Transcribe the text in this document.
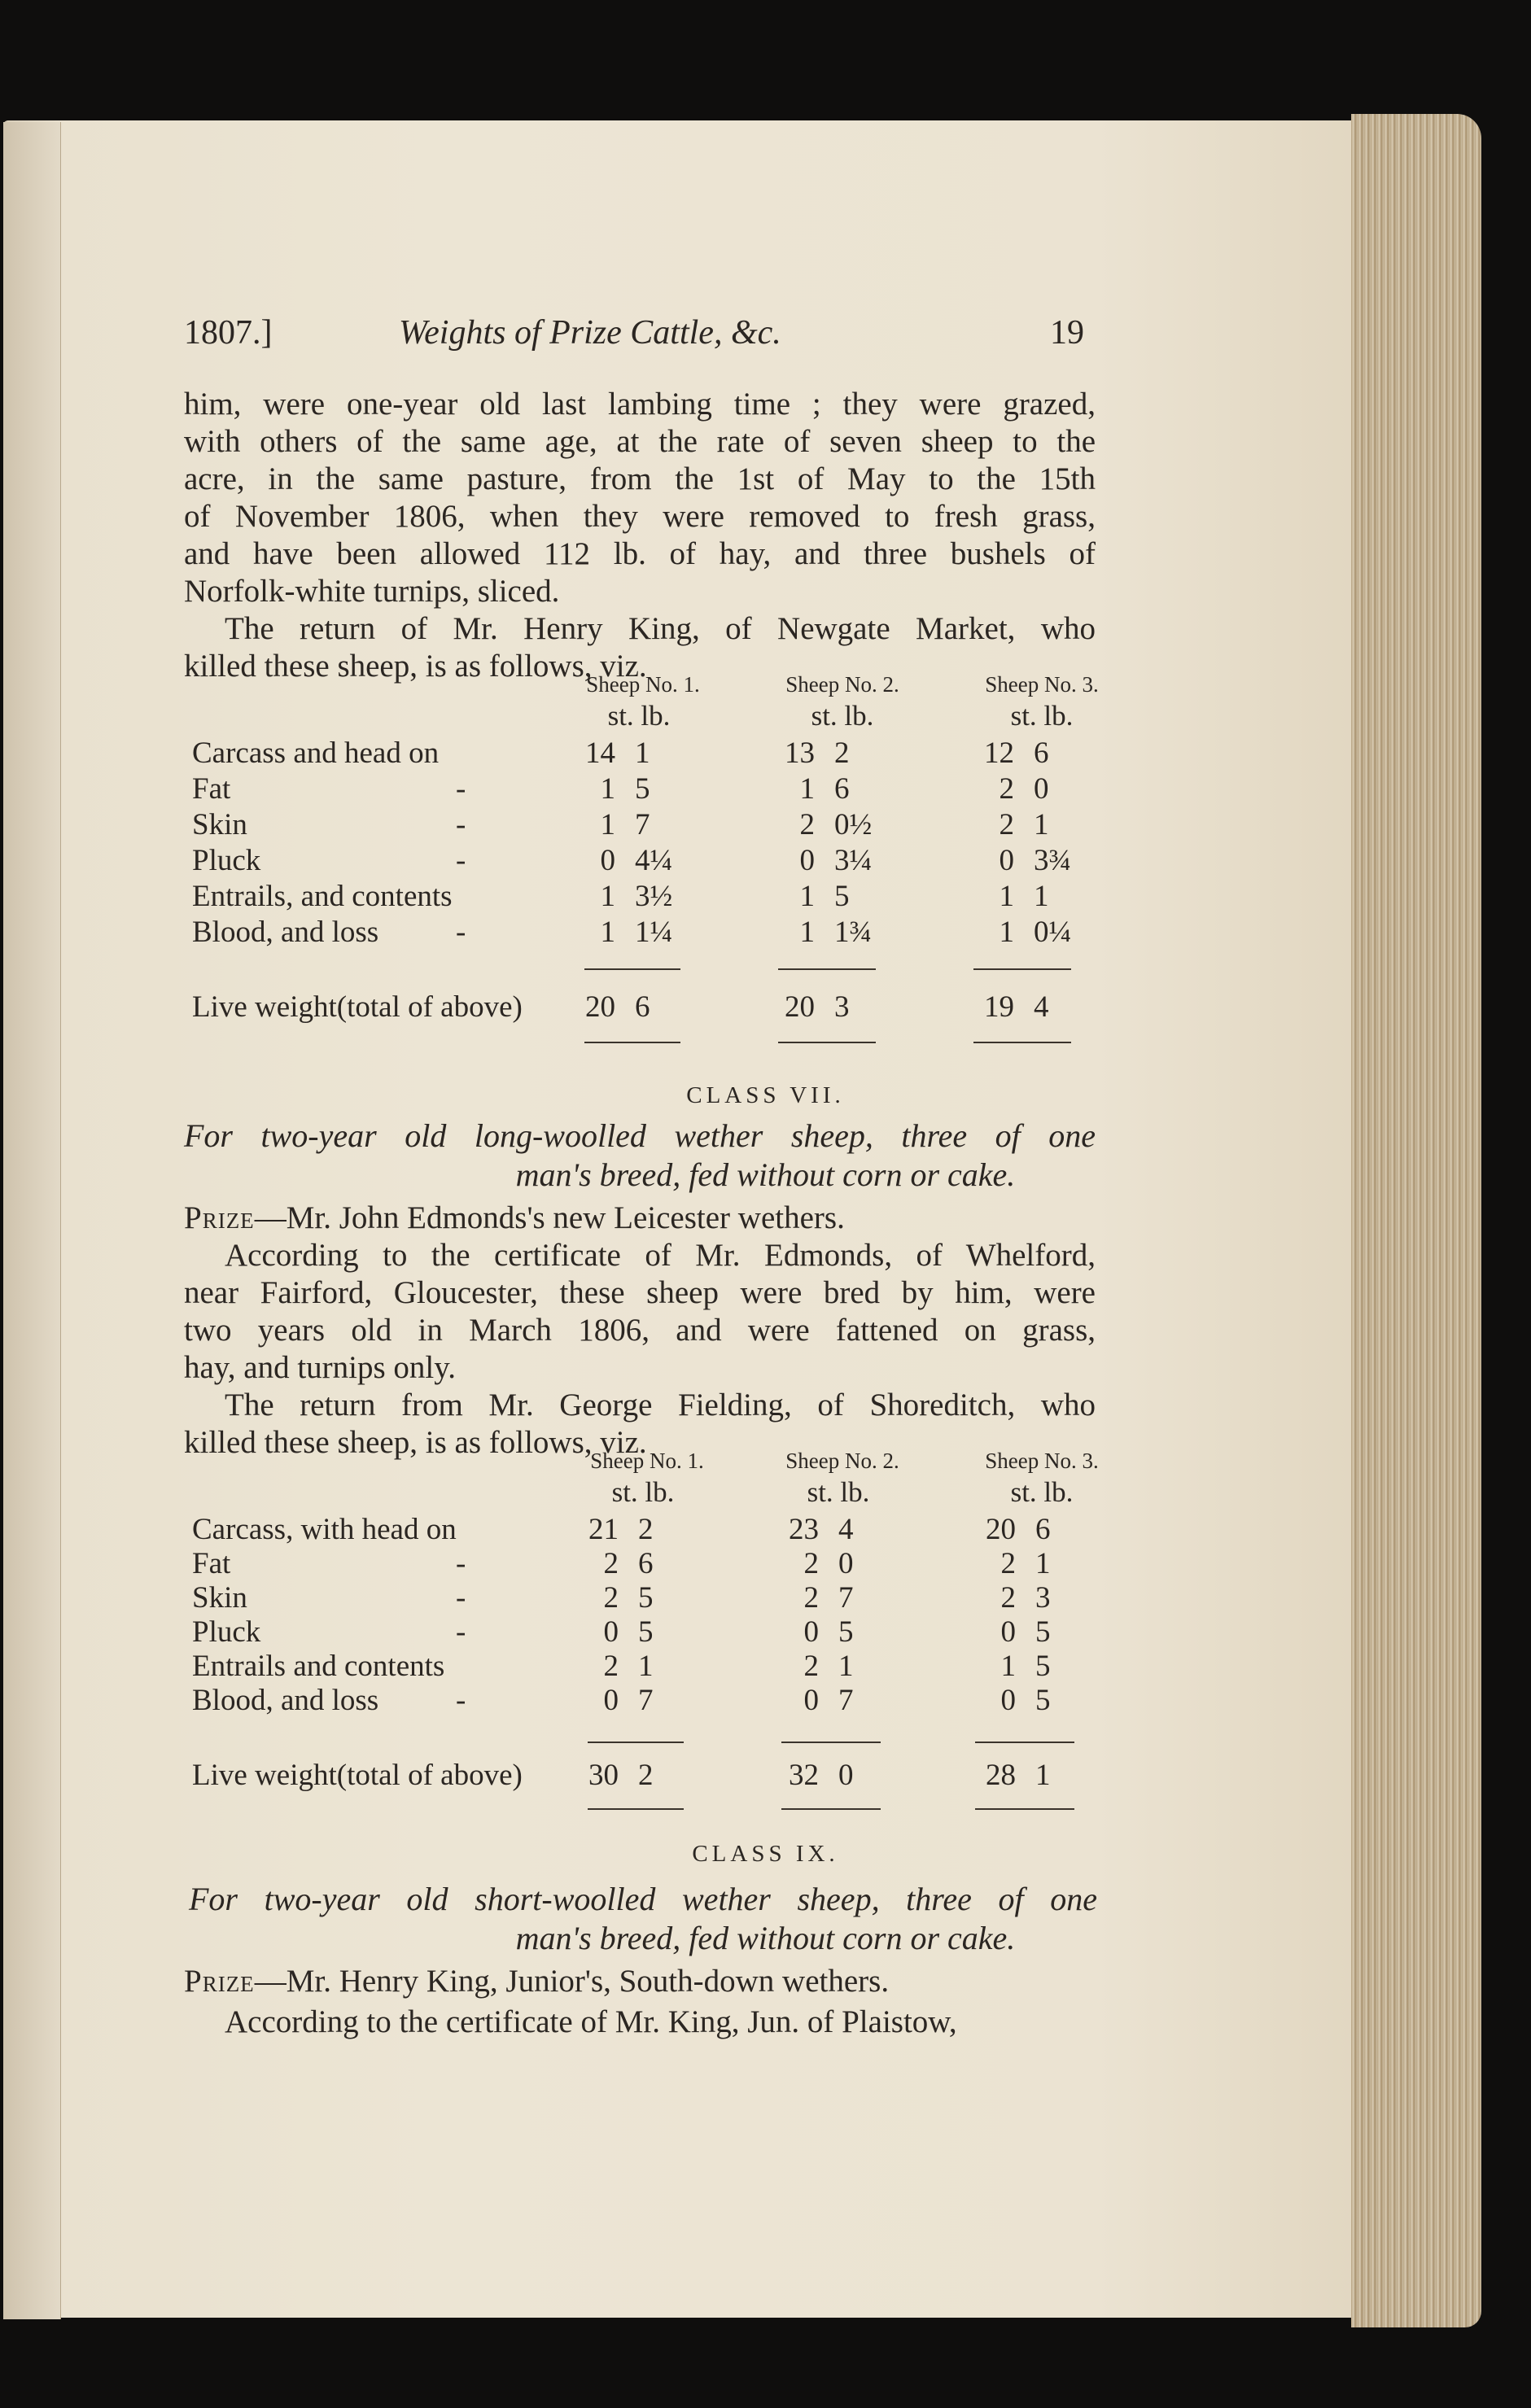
1807.]	Weights of Prize Cattle, &c.	19
him, were one-year old last lambing time ; they were grazed,
with others of the same age, at the rate of seven sheep to the
acre, in the same pasture, from the 1st of May to the 15th
of November 1806, when they were removed to fresh grass,
and have been allowed 112 lb. of hay, and three bushels of
Norfolk-white turnips, sliced.
The return of Mr. Henry King, of Newgate Market, who
killed these sheep, is as follows, viz.
Sheep No. 1.	Sheep No. 2.	Sheep No. 3.
st. lb.	st. lb.	st. lb.
Carcass and head on	14 1	13 2	12 6
Fat	-	1 5	1 6	2 0
Skin	-	1 7	2 0½	2 1
Pluck	-	0 4¼	0 3¼	0 3¾
Entrails, and contents	1 3½	1 5	1 1
Blood, and loss	-	1 1¼	1 1¾	1 0¼
Live weight(total of above)	20 6	20 3	19 4
CLASS VII.
For two-year old long-woolled wether sheep, three of one
man's breed, fed without corn or cake.
Prize—Mr. John Edmonds's new Leicester wethers.
According to the certificate of Mr. Edmonds, of Whelford,
near Fairford, Gloucester, these sheep were bred by him, were
two years old in March 1806, and were fattened on grass,
hay, and turnips only.
The return from Mr. George Fielding, of Shoreditch, who
killed these sheep, is as follows, viz.
Sheep No. 1.	Sheep No. 2.	Sheep No. 3.
st. lb.	st. lb.	st. lb.
Carcass, with head on	21 2	23 4	20 6
Fat	-	2 6	2 0	2 1
Skin	-	2 5	2 7	2 3
Pluck	-	0 5	0 5	0 5
Entrails and contents	2 1	2 1	1 5
Blood, and loss	-	0 7	0 7	0 5
Live weight(total of above)	30 2	32 0	28 1
CLASS IX.
For two-year old short-woolled wether sheep, three of one
man's breed, fed without corn or cake.
Prize—Mr. Henry King, Junior's, South-down wethers.
According to the certificate of Mr. King, Jun. of Plaistow,
